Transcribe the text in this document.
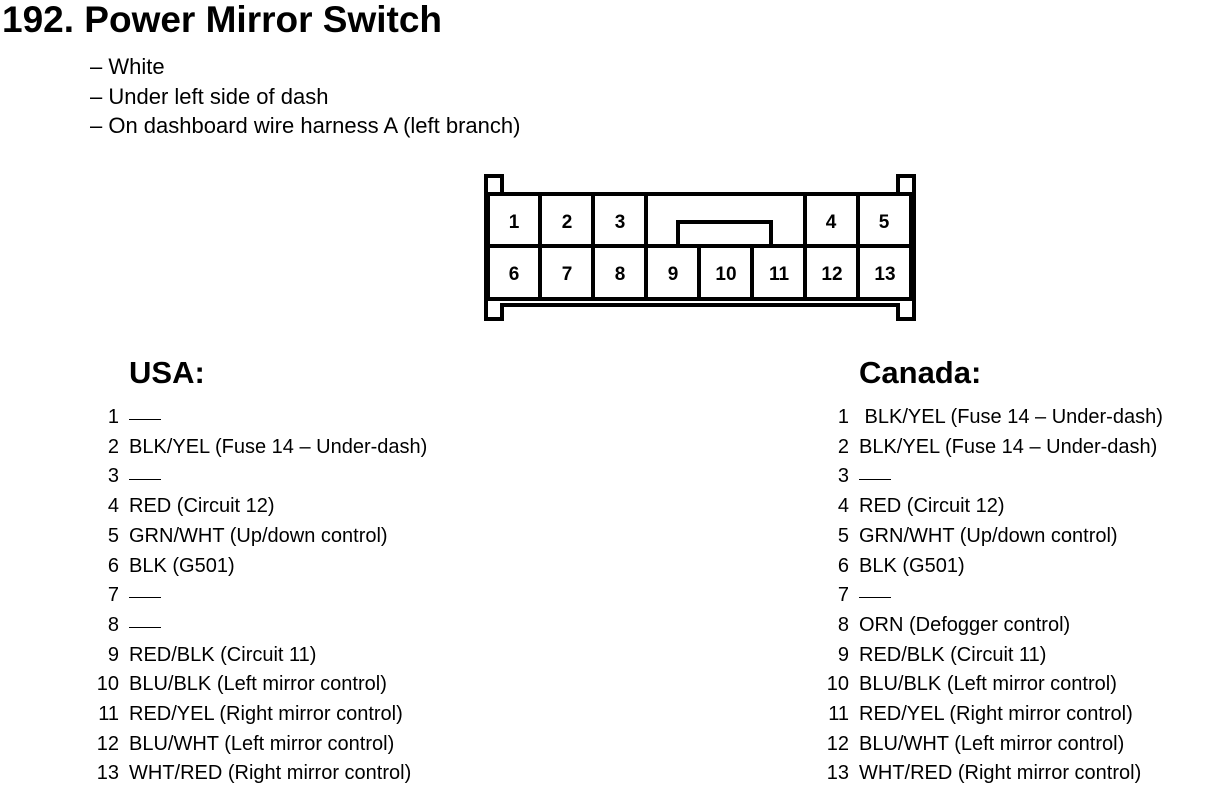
192. Power Mirror Switch
– White
– Under left side of dash
– On dashboard wire harness A (left branch)
1 2 3	4 5
6 7 8 9 10 11 12 13
USA:	Canada:
1
2 BLK/YEL (Fuse 14 – Under-dash)
3
4 RED (Circuit 12)
5 GRN/WHT (Up/down control)
6 BLK (G501)
7
8
9 RED/BLK (Circuit 11)
10 BLU/BLK (Left mirror control)
11 RED/YEL (Right mirror control)
12 BLU/WHT (Left mirror control)
13 WHT/RED (Right mirror control)
1 BLK/YEL (Fuse 14 – Under-dash)
2 BLK/YEL (Fuse 14 – Under-dash)
3
4 RED (Circuit 12)
5 GRN/WHT (Up/down control)
6 BLK (G501)
7
8 ORN (Defogger control)
9 RED/BLK (Circuit 11)
10 BLU/BLK (Left mirror control)
11 RED/YEL (Right mirror control)
12 BLU/WHT (Left mirror control)
13 WHT/RED (Right mirror control)
